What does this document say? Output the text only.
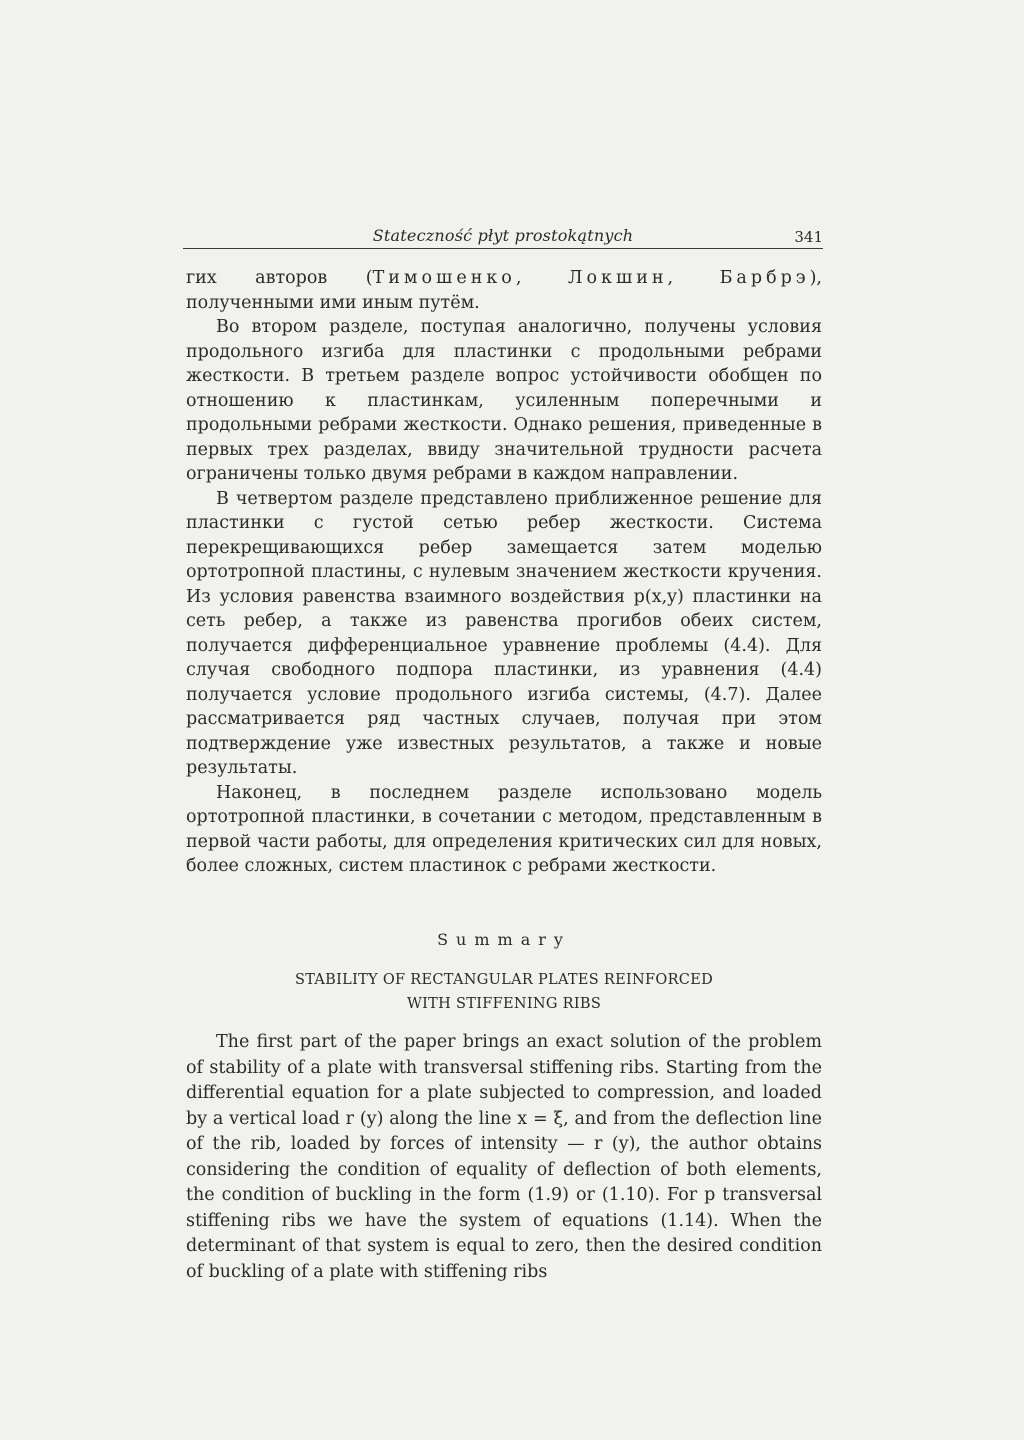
Stateczność płyt prostokątnych	341

гих авторов (Тимошенко, Локшин, Барбрэ), полученными ими иным путём.

Во втором разделе, поступая аналогично, получены условия продольного изгиба для пластинки с продольными ребрами жесткости. В третьем разделе вопрос устойчивости обобщен по отношению к пластинкам, усиленным поперечными и продольными ребрами жесткости. Однако решения, приведенные в первых трех разделах, ввиду значительной трудности расчета ограничены только двумя ребрами в каждом направлении.

В четвертом разделе представлено приближенное решение для пластинки с густой сетью ребер жесткости. Система перекрещивающихся ребер замещается затем моделью ортотропной пластины, с нулевым значением жесткости кручения. Из условия равенства взаимного воздействия p(x,y) пластинки на сеть ребер, а также из равенства прогибов обеих систем, получается дифференциальное уравнение проблемы (4.4). Для случая свободного подпора пластинки, из уравнения (4.4) получается условие продольного изгиба системы, (4.7). Далее рассматривается ряд частных случаев, получая при этом подтверждение уже известных результатов, а также и новые результаты.

Наконец, в последнем разделе использовано модель ортотропной пластинки, в сочетании с методом, представленным в первой части работы, для определения критических сил для новых, более сложных, систем пластинок с ребрами жесткости.

Summary
STABILITY OF RECTANGULAR PLATES REINFORCED
WITH STIFFENING RIBS

The first part of the paper brings an exact solution of the problem of stability of a plate with transversal stiffening ribs. Starting from the differential equation for a plate subjected to compression, and loaded by a vertical load r (y) along the line x = ξ, and from the deflection line of the rib, loaded by forces of intensity — r (y), the author obtains considering the condition of equality of deflection of both elements, the condition of buckling in the form (1.9) or (1.10). For p transversal stiffening ribs we have the system of equations (1.14). When the determinant of that system is equal to zero, then the desired condition of buckling of a plate with stiffening ribs
